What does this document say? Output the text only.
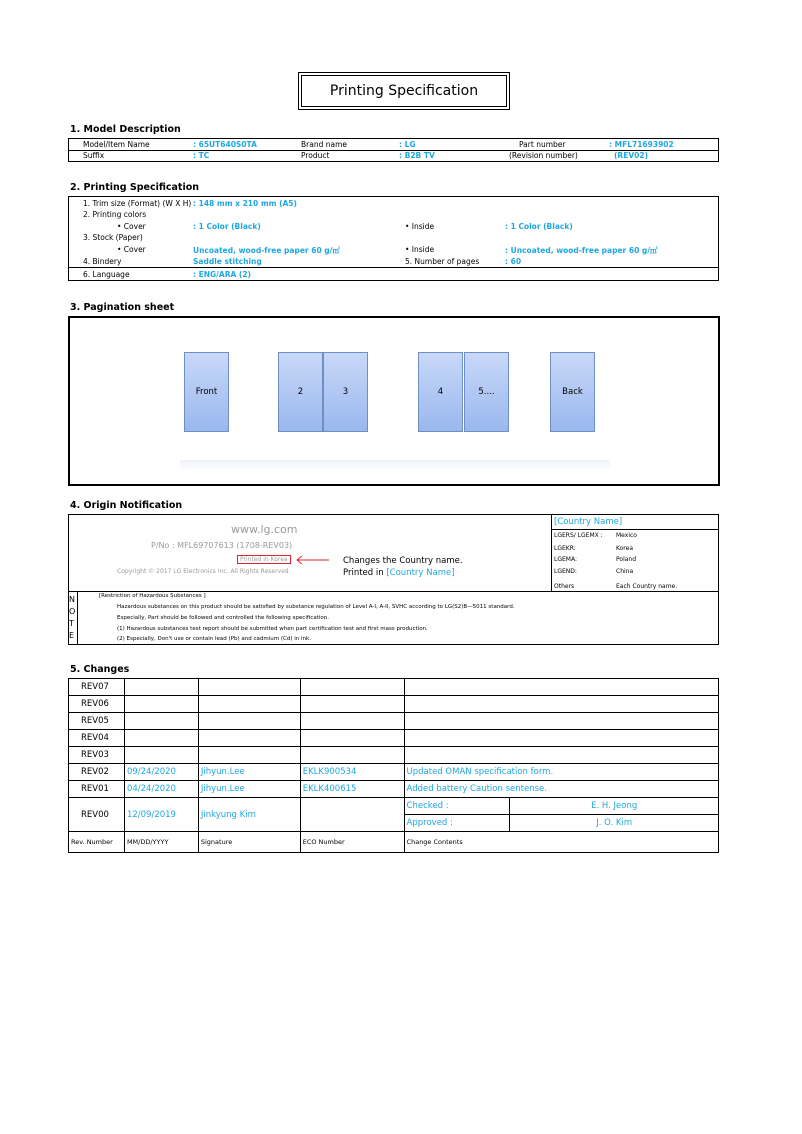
Printing Specification
1. Model Description
Model/Item Name	: 65UT640S0TA	Brand name	: LG	Part number	: MFL71693902
Suffix	: TC	Product	: B2B TV	(Revision number)	(REV02)
2. Printing Specification
1. Trim size (Format) (W X H) : 148 mm x 210 mm (A5)
2. Printing colors
• Cover	: 1 Color (Black)	• Inside	: 1 Color (Black)
3. Stock (Paper)
• Cover	Uncoated, wood-free paper 60 g/㎡	• Inside	: Uncoated, wood-free paper 60 g/㎡
4. Bindery	Saddle stitching	5. Number of pages	: 60
6. Language	: ENG/ARA (2)
3. Pagination sheet
Front	2	3	4	5....	Back
4. Origin Notification
www.lg.com
P/No : MFL69707613 (1708-REV03)
Printed in Korea
Copyright © 2017 LG Electronics Inc. All Rights Reserved.
Changes the Country name.
Printed in [Country Name]
[Country Name]
LGERS/ LGEMX : Mexico
LGEKR:	Korea
LGEMA:	Poland
LGEND:	China
Others	Each Country name.
N
O
T
E
[Restriction of Hazardous Substances ]
Hazardous substances on this product should be satisfied by substance regulation of Level A-I, A-II, SVHC according to LG(S2)B—5011 standard.
Especially, Part should be followed and controlled the following specification.
(1) Hazardous substances test report should be submitted when part certification test and first mass production.
(2) Especially, Don't use or contain lead (Pb) and cadmium (Cd) in ink.
5. Changes
REV07					
REV06					
REV05					
REV04					
REV03					
REV02	09/24/2020	Jihyun.Lee	EKLK900534	Updated OMAN specification form.	
REV01	04/24/2020	Jihyun.Lee	EKLK400615	Added battery Caution sentense.	
REV00	12/09/2019	Jinkyung Kim		Checked :	E. H. Jeong
				Approved :	J. O. Kim
Rev. Number	MM/DD/YYYY	Signature	ECO Number	Change Contents	
